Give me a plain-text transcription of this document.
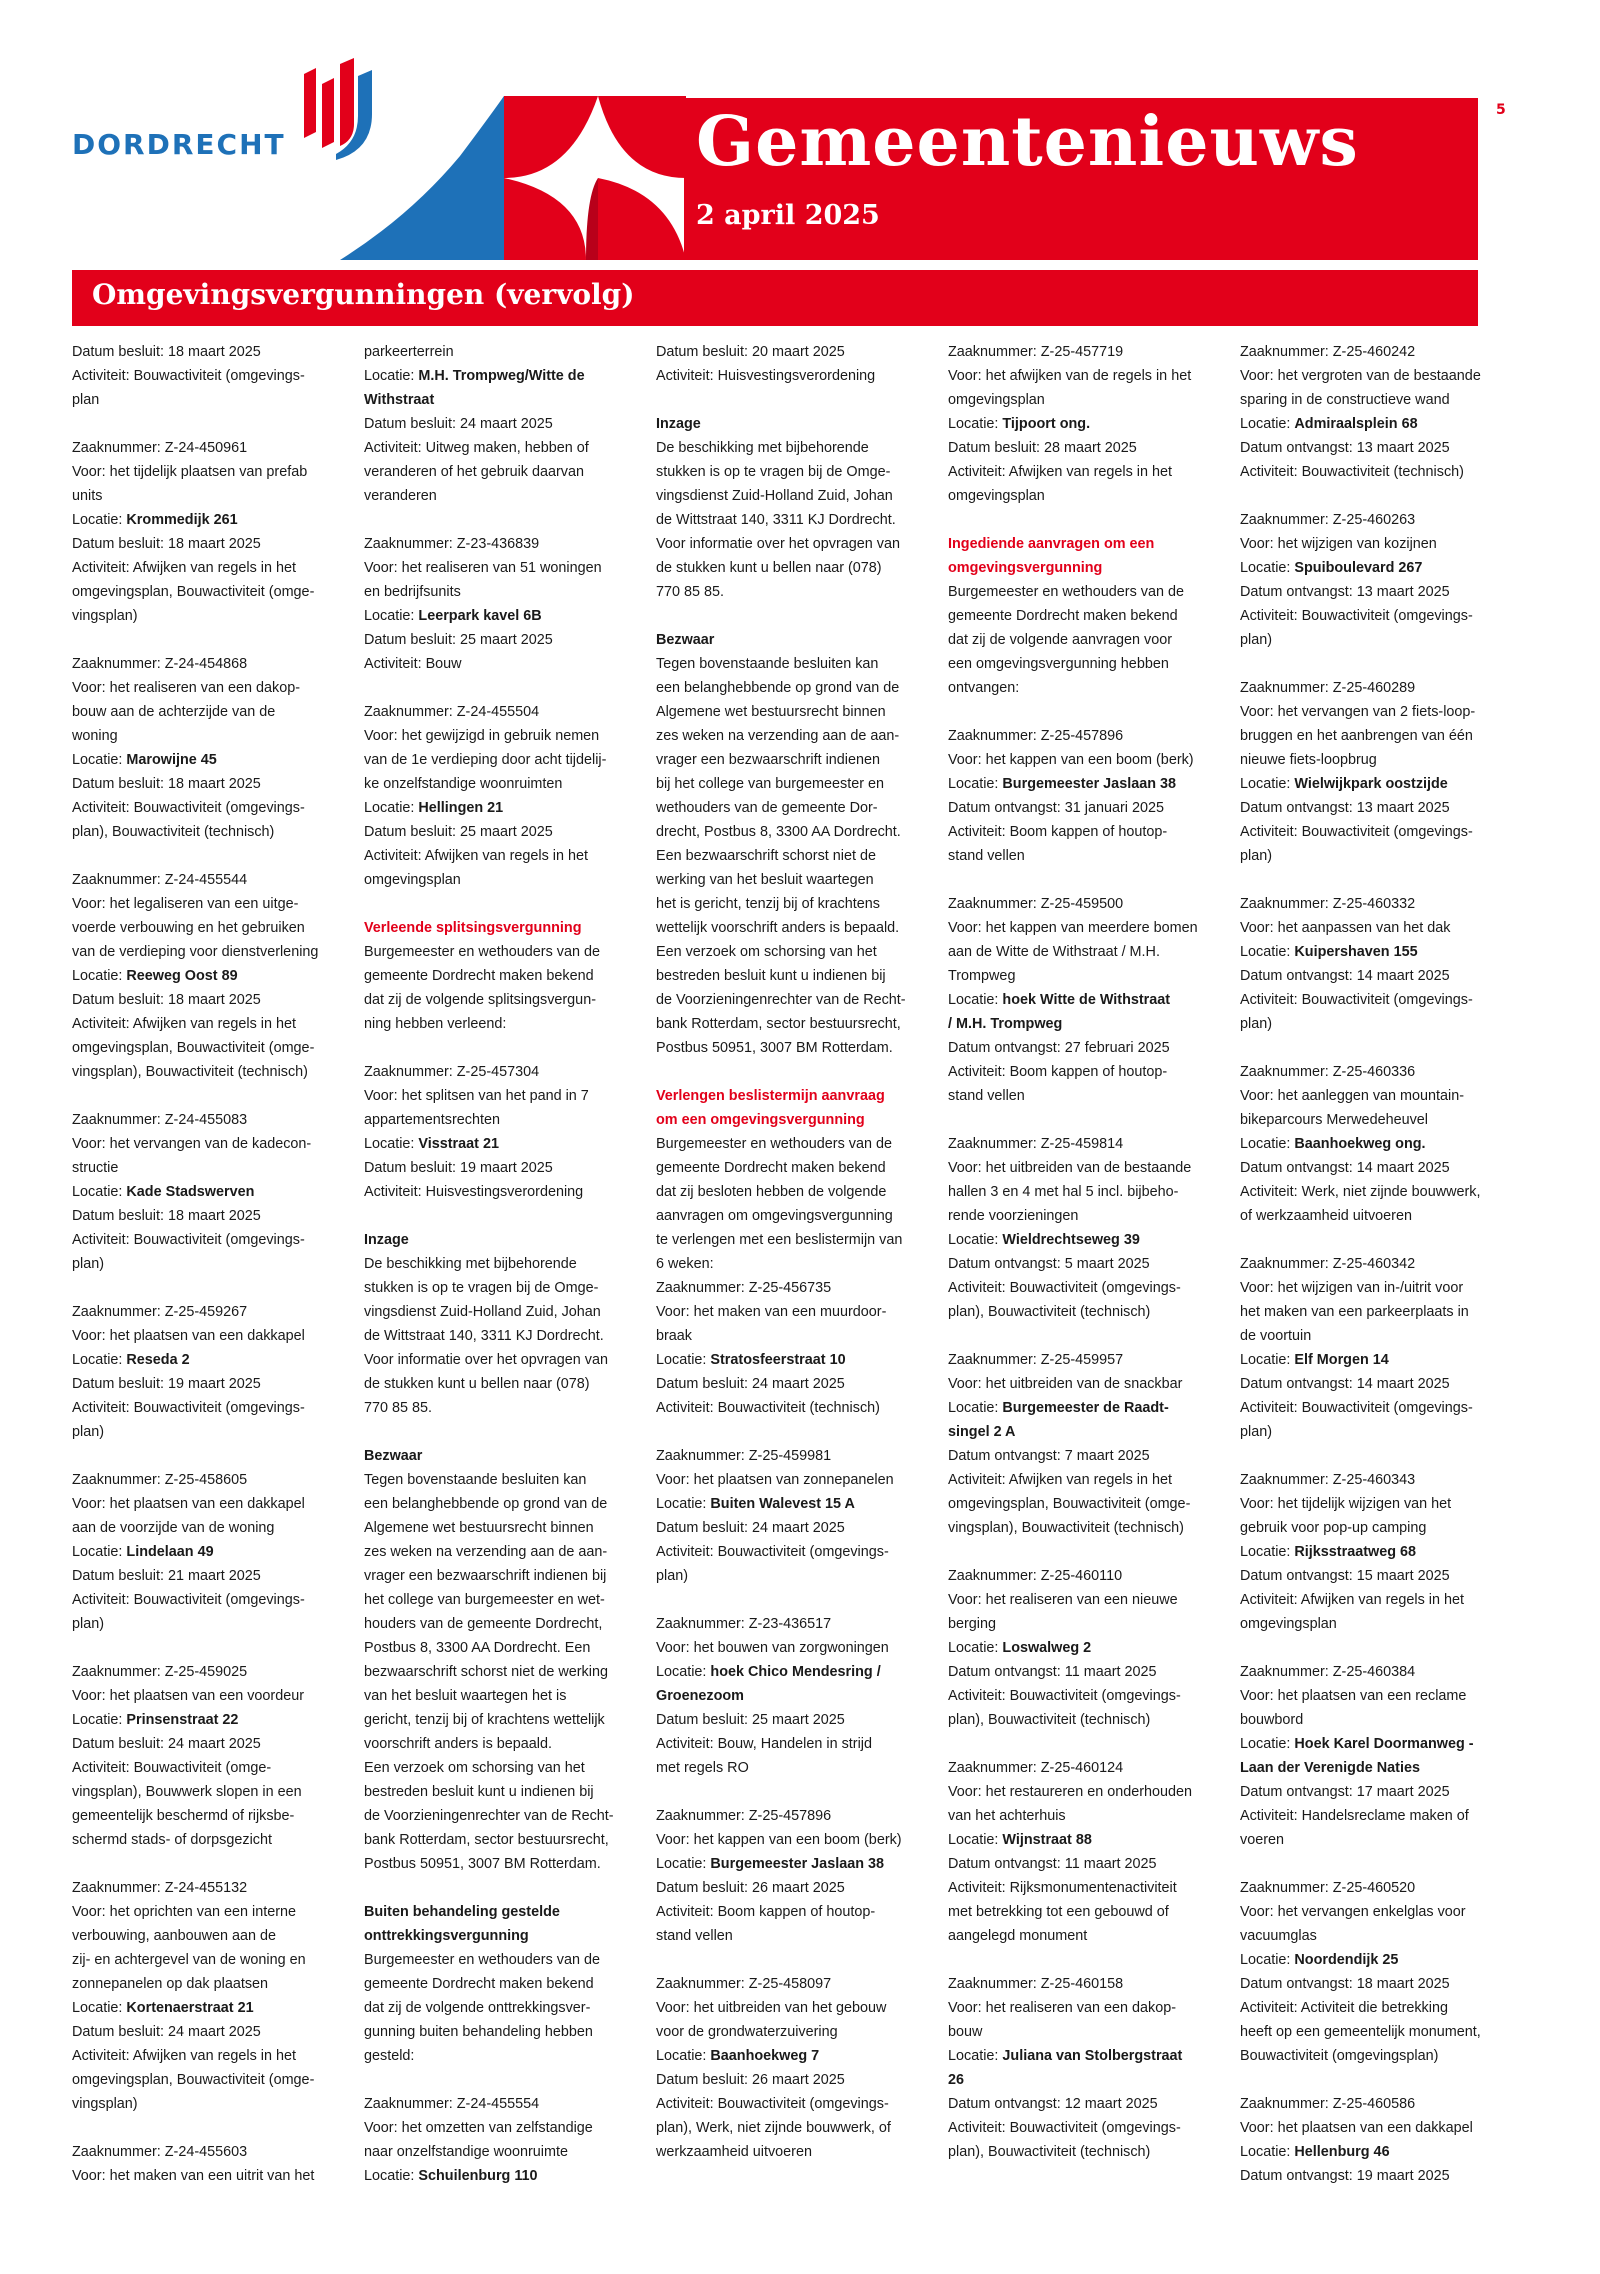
DORDRECHT	Gemeentenieuws
2 april 2025
5
Omgevingsvergunningen (vervolg)

Datum besluit: 18 maart 2025

Activiteit: Bouwactiviteit (omgevings-

plan

Zaaknummer: Z-24-450961

Voor: het tijdelijk plaatsen van prefab

units

Locatie: Krommedijk 261

Datum besluit: 18 maart 2025

Activiteit: Afwijken van regels in het

omgevingsplan, Bouwactiviteit (omge-

vingsplan)

Zaaknummer: Z-24-454868

Voor: het realiseren van een dakop-

bouw aan de achterzijde van de

woning

Locatie: Marowijne 45

Datum besluit: 18 maart 2025

Activiteit: Bouwactiviteit (omgevings-

plan), Bouwactiviteit (technisch)

Zaaknummer: Z-24-455544

Voor: het legaliseren van een uitge-

voerde verbouwing en het gebruiken

van de verdieping voor dienstverlening

Locatie: Reeweg Oost 89

Datum besluit: 18 maart 2025

Activiteit: Afwijken van regels in het

omgevingsplan, Bouwactiviteit (omge-

vingsplan), Bouwactiviteit (technisch)

Zaaknummer: Z-24-455083

Voor: het vervangen van de kadecon-

structie

Locatie: Kade Stadswerven

Datum besluit: 18 maart 2025

Activiteit: Bouwactiviteit (omgevings-

plan)

Zaaknummer: Z-25-459267

Voor: het plaatsen van een dakkapel

Locatie: Reseda 2

Datum besluit: 19 maart 2025

Activiteit: Bouwactiviteit (omgevings-

plan)

Zaaknummer: Z-25-458605

Voor: het plaatsen van een dakkapel

aan de voorzijde van de woning

Locatie: Lindelaan 49

Datum besluit: 21 maart 2025

Activiteit: Bouwactiviteit (omgevings-

plan)

Zaaknummer: Z-25-459025

Voor: het plaatsen van een voordeur

Locatie: Prinsenstraat 22

Datum besluit: 24 maart 2025

Activiteit: Bouwactiviteit (omge-

vingsplan), Bouwwerk slopen in een

gemeentelijk beschermd of rijksbe-

schermd stads- of dorpsgezicht

Zaaknummer: Z-24-455132

Voor: het oprichten van een interne

verbouwing, aanbouwen aan de

zij- en achtergevel van de woning en

zonnepanelen op dak plaatsen

Locatie: Kortenaerstraat 21

Datum besluit: 24 maart 2025

Activiteit: Afwijken van regels in het

omgevingsplan, Bouwactiviteit (omge-

vingsplan)

Zaaknummer: Z-24-455603

Voor: het maken van een uitrit van het

parkeerterrein

Locatie: M.H. Trompweg/Witte de

Withstraat

Datum besluit: 24 maart 2025

Activiteit: Uitweg maken, hebben of

veranderen of het gebruik daarvan

veranderen

Zaaknummer: Z-23-436839

Voor: het realiseren van 51 woningen

en bedrijfsunits

Locatie: Leerpark kavel 6B

Datum besluit: 25 maart 2025

Activiteit: Bouw

Zaaknummer: Z-24-455504

Voor: het gewijzigd in gebruik nemen

van de 1e verdieping door acht tijdelij-

ke onzelfstandige woonruimten

Locatie: Hellingen 21

Datum besluit: 25 maart 2025

Activiteit: Afwijken van regels in het

omgevingsplan

Verleende splitsingsvergunning

Burgemeester en wethouders van de

gemeente Dordrecht maken bekend

dat zij de volgende splitsingsvergun-

ning hebben verleend:

Zaaknummer: Z-25-457304

Voor: het splitsen van het pand in 7

appartementsrechten

Locatie: Visstraat 21

Datum besluit: 19 maart 2025

Activiteit: Huisvestingsverordening

Inzage

De beschikking met bijbehorende

stukken is op te vragen bij de Omge-

vingsdienst Zuid-Holland Zuid, Johan

de Wittstraat 140, 3311 KJ Dordrecht.

Voor informatie over het opvragen van

de stukken kunt u bellen naar (078)

770 85 85.

Bezwaar

Tegen bovenstaande besluiten kan

een belanghebbende op grond van de

Algemene wet bestuursrecht binnen

zes weken na verzending aan de aan-

vrager een bezwaarschrift indienen bij

het college van burgemeester en wet-

houders van de gemeente Dordrecht,

Postbus 8, 3300 AA Dordrecht. Een

bezwaarschrift schorst niet de werking

van het besluit waartegen het is

gericht, tenzij bij of krachtens wettelijk

voorschrift anders is bepaald.

Een verzoek om schorsing van het

bestreden besluit kunt u indienen bij

de Voorzieningenrechter van de Recht-

bank Rotterdam, sector bestuursrecht,

Postbus 50951, 3007 BM Rotterdam.

Buiten behandeling gestelde

onttrekkingsvergunning

Burgemeester en wethouders van de

gemeente Dordrecht maken bekend

dat zij de volgende onttrekkingsver-

gunning buiten behandeling hebben

gesteld:

Zaaknummer: Z-24-455554

Voor: het omzetten van zelfstandige

naar onzelfstandige woonruimte

Locatie: Schuilenburg 110

Datum besluit: 20 maart 2025

Activiteit: Huisvestingsverordening

Inzage

De beschikking met bijbehorende

stukken is op te vragen bij de Omge-

vingsdienst Zuid-Holland Zuid, Johan

de Wittstraat 140, 3311 KJ Dordrecht.

Voor informatie over het opvragen van

de stukken kunt u bellen naar (078)

770 85 85.

Bezwaar

Tegen bovenstaande besluiten kan

een belanghebbende op grond van de

Algemene wet bestuursrecht binnen

zes weken na verzending aan de aan-

vrager een bezwaarschrift indienen

bij het college van burgemeester en

wethouders van de gemeente Dor-

drecht, Postbus 8, 3300 AA Dordrecht.

Een bezwaarschrift schorst niet de

werking van het besluit waartegen

het is gericht, tenzij bij of krachtens

wettelijk voorschrift anders is bepaald.

Een verzoek om schorsing van het

bestreden besluit kunt u indienen bij

de Voorzieningenrechter van de Recht-

bank Rotterdam, sector bestuursrecht,

Postbus 50951, 3007 BM Rotterdam.

Verlengen beslistermijn aanvraag

om een omgevingsvergunning

Burgemeester en wethouders van de

gemeente Dordrecht maken bekend

dat zij besloten hebben de volgende

aanvragen om omgevingsvergunning

te verlengen met een beslistermijn van

6 weken:

Zaaknummer: Z-25-456735

Voor: het maken van een muurdoor-

braak

Locatie: Stratosfeerstraat 10

Datum besluit: 24 maart 2025

Activiteit: Bouwactiviteit (technisch)

Zaaknummer: Z-25-459981

Voor: het plaatsen van zonnepanelen

Locatie: Buiten Walevest 15 A

Datum besluit: 24 maart 2025

Activiteit: Bouwactiviteit (omgevings-

plan)

Zaaknummer: Z-23-436517

Voor: het bouwen van zorgwoningen

Locatie: hoek Chico Mendesring /

Groenezoom

Datum besluit: 25 maart 2025

Activiteit: Bouw, Handelen in strijd

met regels RO

Zaaknummer: Z-25-457896

Voor: het kappen van een boom (berk)

Locatie: Burgemeester Jaslaan 38

Datum besluit: 26 maart 2025

Activiteit: Boom kappen of houtop-

stand vellen

Zaaknummer: Z-25-458097

Voor: het uitbreiden van het gebouw

voor de grondwaterzuivering

Locatie: Baanhoekweg 7

Datum besluit: 26 maart 2025

Activiteit: Bouwactiviteit (omgevings-

plan), Werk, niet zijnde bouwwerk, of

werkzaamheid uitvoeren

Zaaknummer: Z-25-457719

Voor: het afwijken van de regels in het

omgevingsplan

Locatie: Tijpoort ong.

Datum besluit: 28 maart 2025

Activiteit: Afwijken van regels in het

omgevingsplan

Ingediende aanvragen om een

omgevingsvergunning

Burgemeester en wethouders van de

gemeente Dordrecht maken bekend

dat zij de volgende aanvragen voor

een omgevingsvergunning hebben

ontvangen:

Zaaknummer: Z-25-457896

Voor: het kappen van een boom (berk)

Locatie: Burgemeester Jaslaan 38

Datum ontvangst: 31 januari 2025

Activiteit: Boom kappen of houtop-

stand vellen

Zaaknummer: Z-25-459500

Voor: het kappen van meerdere bomen

aan de Witte de Withstraat / M.H.

Trompweg

Locatie: hoek Witte de Withstraat

/ M.H. Trompweg

Datum ontvangst: 27 februari 2025

Activiteit: Boom kappen of houtop-

stand vellen

Zaaknummer: Z-25-459814

Voor: het uitbreiden van de bestaande

hallen 3 en 4 met hal 5 incl. bijbeho-

rende voorzieningen

Locatie: Wieldrechtseweg 39

Datum ontvangst: 5 maart 2025

Activiteit: Bouwactiviteit (omgevings-

plan), Bouwactiviteit (technisch)

Zaaknummer: Z-25-459957

Voor: het uitbreiden van de snackbar

Locatie: Burgemeester de Raadt-

singel 2 A

Datum ontvangst: 7 maart 2025

Activiteit: Afwijken van regels in het

omgevingsplan, Bouwactiviteit (omge-

vingsplan), Bouwactiviteit (technisch)

Zaaknummer: Z-25-460110

Voor: het realiseren van een nieuwe

berging

Locatie: Loswalweg 2

Datum ontvangst: 11 maart 2025

Activiteit: Bouwactiviteit (omgevings-

plan), Bouwactiviteit (technisch)

Zaaknummer: Z-25-460124

Voor: het restaureren en onderhouden

van het achterhuis

Locatie: Wijnstraat 88

Datum ontvangst: 11 maart 2025

Activiteit: Rijksmonumentenactiviteit

met betrekking tot een gebouwd of

aangelegd monument

Zaaknummer: Z-25-460158

Voor: het realiseren van een dakop-

bouw

Locatie: Juliana van Stolbergstraat

26

Datum ontvangst: 12 maart 2025

Activiteit: Bouwactiviteit (omgevings-

plan), Bouwactiviteit (technisch)

Zaaknummer: Z-25-460242

Voor: het vergroten van de bestaande

sparing in de constructieve wand

Locatie: Admiraalsplein 68

Datum ontvangst: 13 maart 2025

Activiteit: Bouwactiviteit (technisch)

Zaaknummer: Z-25-460263

Voor: het wijzigen van kozijnen

Locatie: Spuiboulevard 267

Datum ontvangst: 13 maart 2025

Activiteit: Bouwactiviteit (omgevings-

plan)

Zaaknummer: Z-25-460289

Voor: het vervangen van 2 fiets-loop-

bruggen en het aanbrengen van één

nieuwe fiets-loopbrug

Locatie: Wielwijkpark oostzijde

Datum ontvangst: 13 maart 2025

Activiteit: Bouwactiviteit (omgevings-

plan)

Zaaknummer: Z-25-460332

Voor: het aanpassen van het dak

Locatie: Kuipershaven 155

Datum ontvangst: 14 maart 2025

Activiteit: Bouwactiviteit (omgevings-

plan)

Zaaknummer: Z-25-460336

Voor: het aanleggen van mountain-

bikeparcours Merwedeheuvel

Locatie: Baanhoekweg ong.

Datum ontvangst: 14 maart 2025

Activiteit: Werk, niet zijnde bouwwerk,

of werkzaamheid uitvoeren

Zaaknummer: Z-25-460342

Voor: het wijzigen van in-/uitrit voor

het maken van een parkeerplaats in

de voortuin

Locatie: Elf Morgen 14

Datum ontvangst: 14 maart 2025

Activiteit: Bouwactiviteit (omgevings-

plan)

Zaaknummer: Z-25-460343

Voor: het tijdelijk wijzigen van het

gebruik voor pop-up camping

Locatie: Rijksstraatweg 68

Datum ontvangst: 15 maart 2025

Activiteit: Afwijken van regels in het

omgevingsplan

Zaaknummer: Z-25-460384

Voor: het plaatsen van een reclame

bouwbord

Locatie: Hoek Karel Doormanweg -

Laan der Verenigde Naties

Datum ontvangst: 17 maart 2025

Activiteit: Handelsreclame maken of

voeren

Zaaknummer: Z-25-460520

Voor: het vervangen enkelglas voor

vacuumglas

Locatie: Noordendijk 25

Datum ontvangst: 18 maart 2025

Activiteit: Activiteit die betrekking

heeft op een gemeentelijk monument,

Bouwactiviteit (omgevingsplan)

Zaaknummer: Z-25-460586

Voor: het plaatsen van een dakkapel

Locatie: Hellenburg 46

Datum ontvangst: 19 maart 2025
